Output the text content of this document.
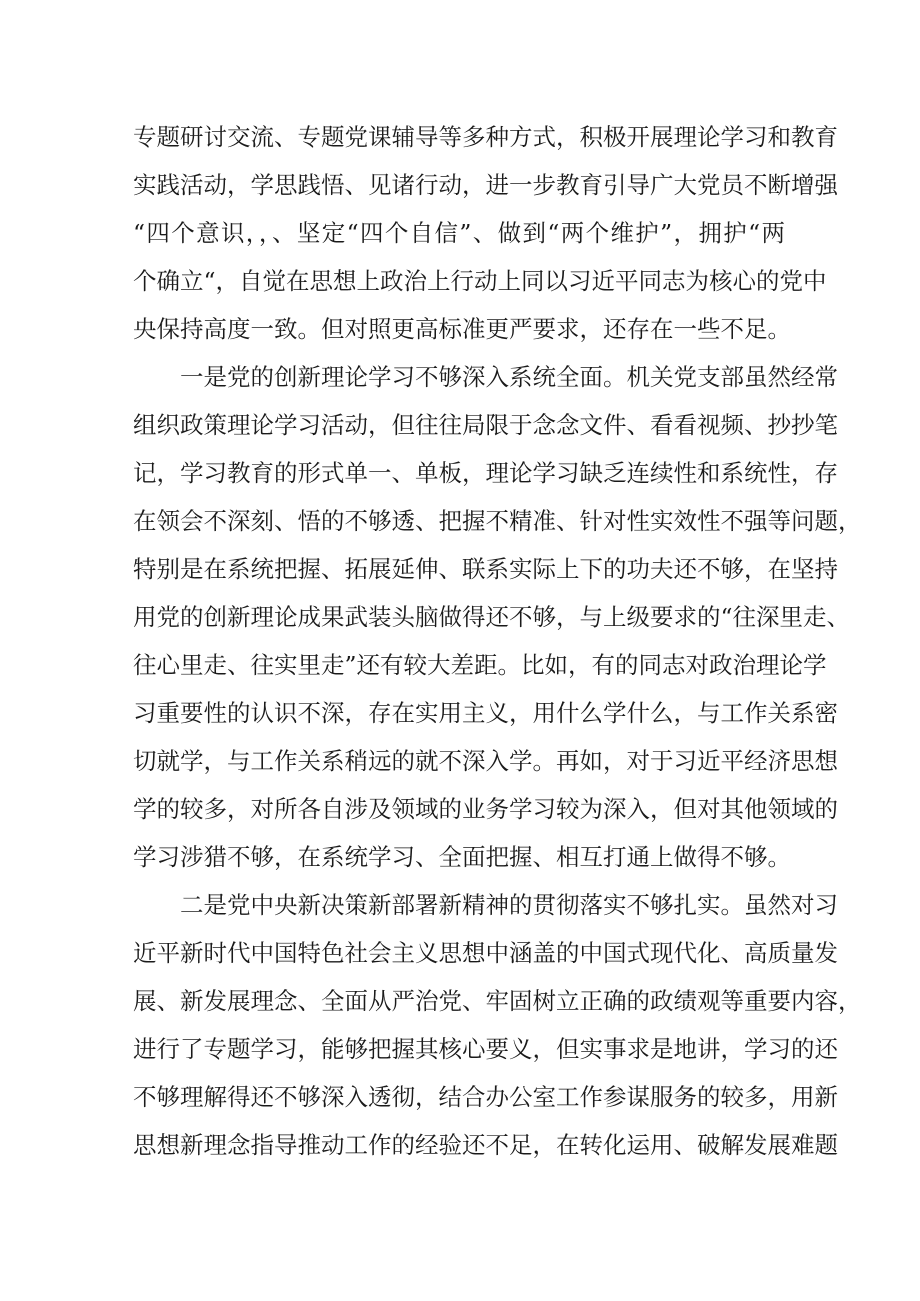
专题研讨交流、专题党课辅导等多种方式，积极开展理论学习和教育
实践活动，学思践悟、见诸行动，进一步教育引导广大党员不断增强
“四个意识，，、坚定“四个自信”、做到“两个维护”，拥护“两
个确立“，自觉在思想上政治上行动上同以习近平同志为核心的党中
央保持高度一致。但对照更高标准更严要求，还存在一些不足。
一是党的创新理论学习不够深入系统全面。机关党支部虽然经常
组织政策理论学习活动，但往往局限于念念文件、看看视频、抄抄笔
记，学习教育的形式单一、单板，理论学习缺乏连续性和系统性，存
在领会不深刻、悟的不够透、把握不精准、针对性实效性不强等问题，
特别是在系统把握、拓展延伸、联系实际上下的功夫还不够，在坚持
用党的创新理论成果武装头脑做得还不够，与上级要求的“往深里走、
往心里走、往实里走”还有较大差距。比如，有的同志对政治理论学
习重要性的认识不深，存在实用主义，用什么学什么，与工作关系密
切就学，与工作关系稍远的就不深入学。再如，对于习近平经济思想
学的较多，对所各自涉及领域的业务学习较为深入，但对其他领域的
学习涉猎不够，在系统学习、全面把握、相互打通上做得不够。
二是党中央新决策新部署新精神的贯彻落实不够扎实。虽然对习
近平新时代中国特色社会主义思想中涵盖的中国式现代化、高质量发
展、新发展理念、全面从严治党、牢固树立正确的政绩观等重要内容，
进行了专题学习，能够把握其核心要义，但实事求是地讲，学习的还
不够理解得还不够深入透彻，结合办公室工作参谋服务的较多，用新
思想新理念指导推动工作的经验还不足，在转化运用、破解发展难题
